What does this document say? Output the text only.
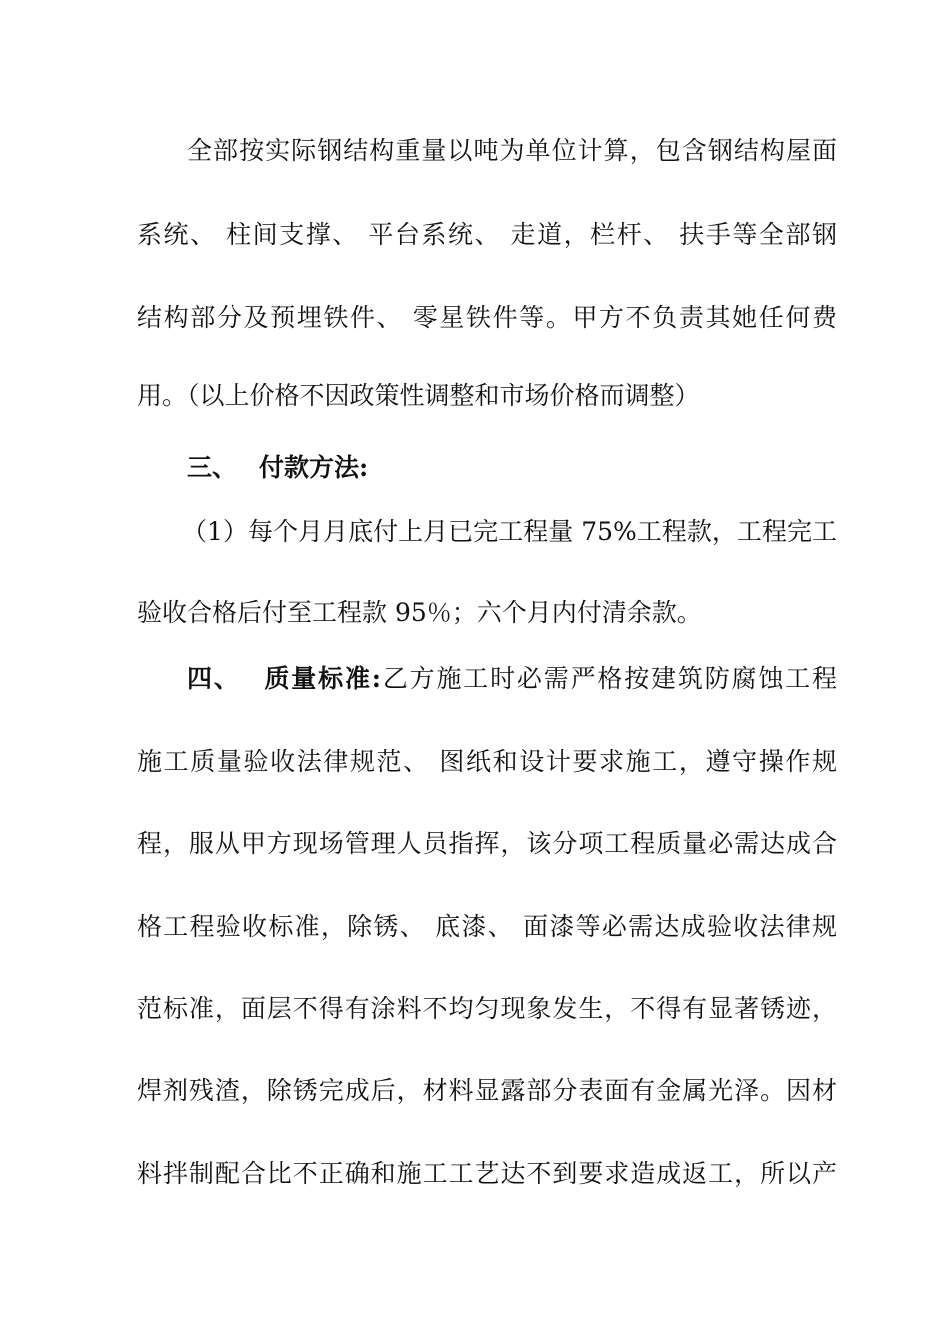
全部按实际钢结构重量以吨为单位计算，包含钢结构屋面

系统、 柱间支撑、 平台系统、 走道，栏杆、 扶手等全部钢

结构部分及预埋铁件、 零星铁件等。甲方不负责其她任何费

用。（以上价格不因政策性调整和市场价格而调整）

三、 付款方法:

（1）每个月月底付上月已完工程量 75%工程款，工程完工

验收合格后付至工程款 95％；六个月内付清余款。

四、 质量标准:乙方施工时必需严格按建筑防腐蚀工程

施工质量验收法律规范、 图纸和设计要求施工，遵守操作规

程，服从甲方现场管理人员指挥，该分项工程质量必需达成合

格工程验收标准，除锈、 底漆、 面漆等必需达成验收法律规

范标准，面层不得有涂料不均匀现象发生，不得有显著锈迹，

焊剂残渣，除锈完成后，材料显露部分表面有金属光泽。因材

料拌制配合比不正确和施工工艺达不到要求造成返工，所以产
